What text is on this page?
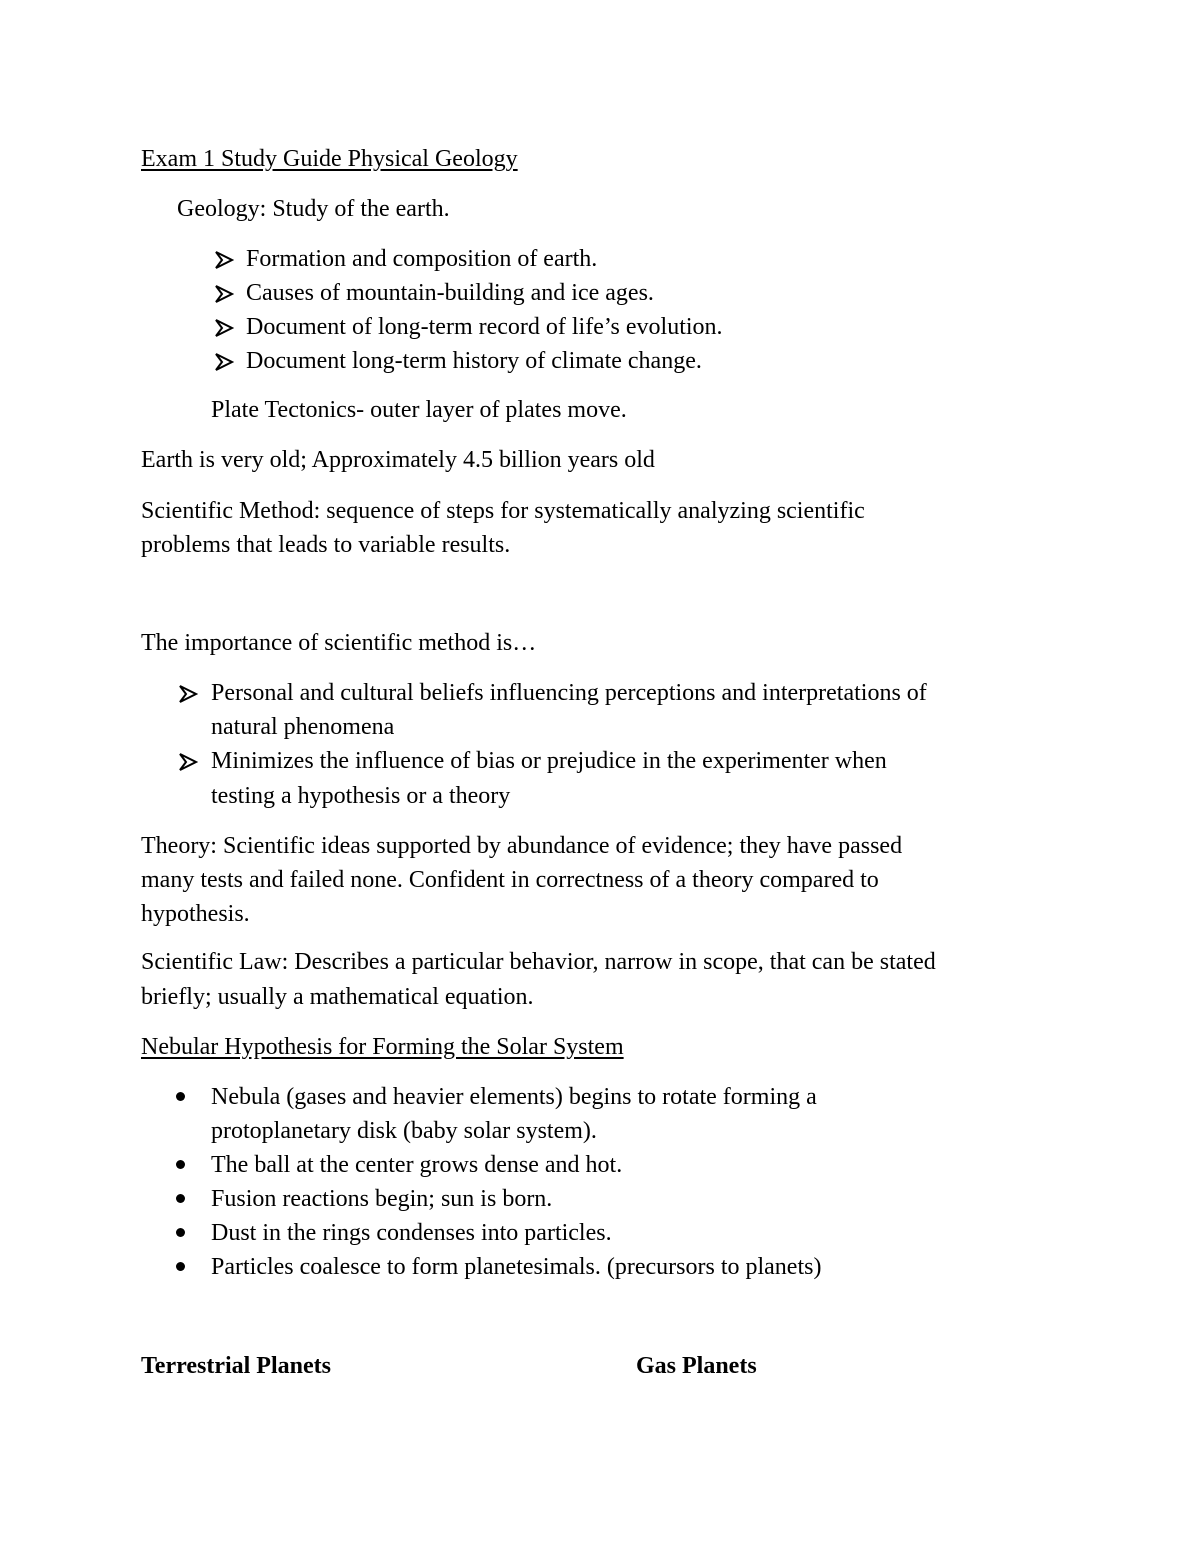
Exam 1 Study Guide Physical Geology
Geology: Study of the earth.
Formation and composition of earth.
Causes of mountain-building and ice ages.
Document of long-term record of life’s evolution.
Document long-term history of climate change.
Plate Tectonics- outer layer of plates move.
Earth is very old; Approximately 4.5 billion years old
Scientific Method: sequence of steps for systematically analyzing scientific
problems that leads to variable results.
The importance of scientific method is…
Personal and cultural beliefs influencing perceptions and interpretations of
natural phenomena
Minimizes the influence of bias or prejudice in the experimenter when
testing a hypothesis or a theory
Theory: Scientific ideas supported by abundance of evidence; they have passed
many tests and failed none. Confident in correctness of a theory compared to
hypothesis.
Scientific Law: Describes a particular behavior, narrow in scope, that can be stated
briefly; usually a mathematical equation.
Nebular Hypothesis for Forming the Solar System
Nebula (gases and heavier elements) begins to rotate forming a
protoplanetary disk (baby solar system).
The ball at the center grows dense and hot.
Fusion reactions begin; sun is born.
Dust in the rings condenses into particles.
Particles coalesce to form planetesimals. (precursors to planets)
Terrestrial Planets	Gas Planets
